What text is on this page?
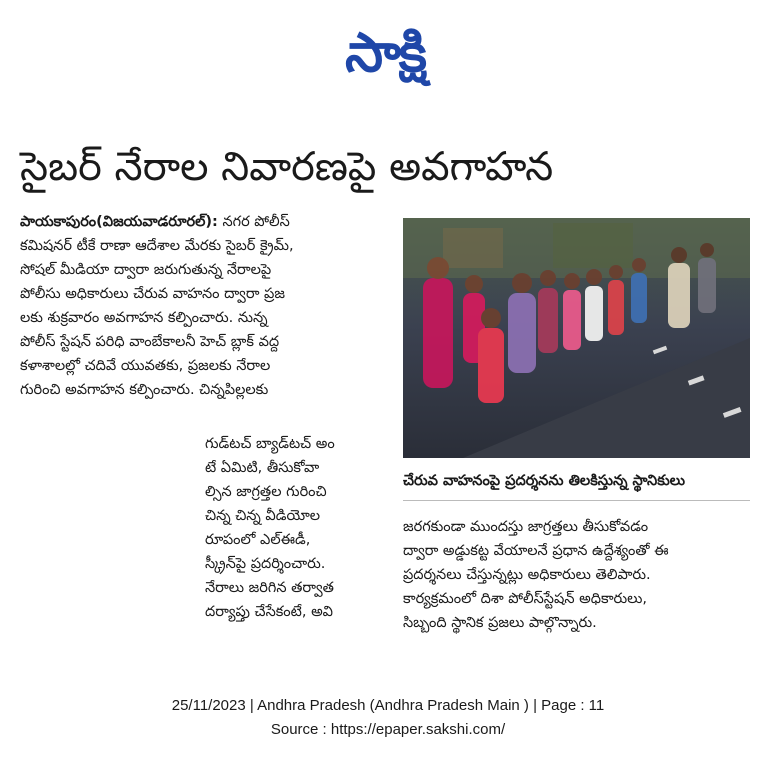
సాక్షి
సైబర్ నేరాల నివారణపై అవగాహన
పాయకాపురం(విజయవాడరూరల్): నగర పోలీస్
కమిషనర్ టీకే రాణా ఆదేశాల మేరకు సైబర్ క్రైమ్,
సోషల్ మీడియా ద్వారా జరుగుతున్న నేరాలపై
పోలీసు అధికారులు చేరువ వాహనం ద్వారా ప్రజ
లకు శుక్రవారం అవగాహన కల్పించారు. నున్న
పోలీస్ స్టేషన్ పరిధి వాంబేకాలనీ హెచ్ బ్లాక్ వద్ద
కళాశాలల్లో చదివే యువతకు, ప్రజలకు నేరాల
గురించి అవగాహన కల్పించారు. చిన్నపిల్లలకు
గుడ్‌టచ్ బ్యాడ్‌టచ్ అం
టే ఏమిటి, తీసుకోవా
ల్సిన జాగ్రత్తల గురించి
చిన్న చిన్న వీడియోల
రూపంలో ఎల్ఈడీ,
స్క్రీన్‌పై ప్రదర్శించారు.
నేరాలు జరిగిన తర్వాత
దర్యాప్తు చేసేకంటే, అవి
చేరువ వాహనంపై ప్రదర్శనను తిలకిస్తున్న స్థానికులు
జరగకుండా ముందస్తు జాగ్రత్తలు తీసుకోవడం
ద్వారా అడ్డుకట్ట వేయాలనే ప్రధాన ఉద్దేశ్యంతో ఈ
ప్రదర్శనలు చేస్తున్నట్లు అధికారులు తెలిపారు.
కార్యక్రమంలో దిశా పోలీస్‌స్టేషన్ అధికారులు,
సిబ్బంది స్థానిక ప్రజలు పాల్గొన్నారు.
25/11/2023 | Andhra Pradesh (Andhra Pradesh Main ) | Page : 11
Source : https://epaper.sakshi.com/
